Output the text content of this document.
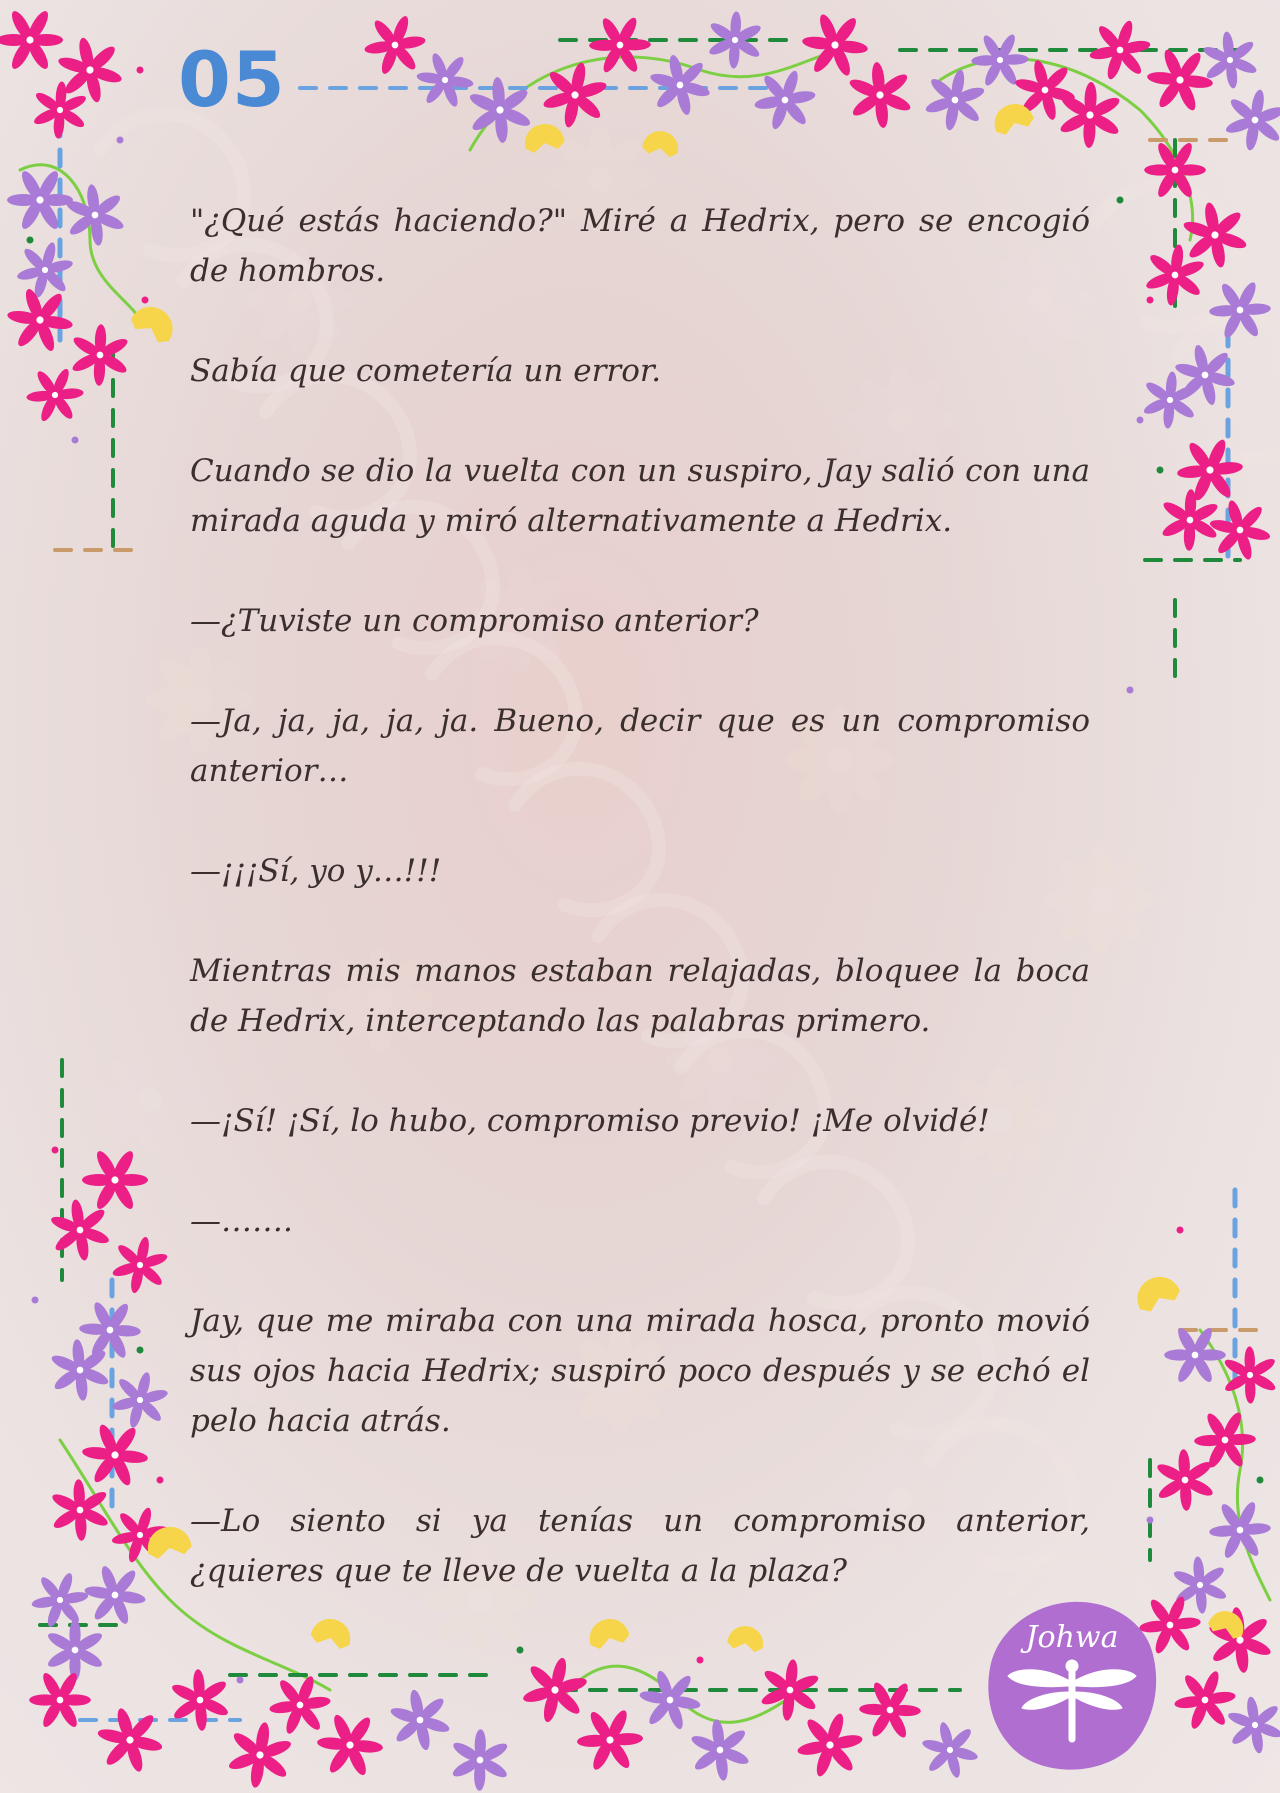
05

"¿Qué estás haciendo?" Miré a Hedrix, pero se encogió de hombros.

Sabía que cometería un error.

Cuando se dio la vuelta con un suspiro, Jay salió con una mirada aguda y miró alternativamente a Hedrix.

—¿Tuviste un compromiso anterior?

—Ja, ja, ja, ja, ja. Bueno, decir que es un compromiso anterior…

—¡¡¡Sí, yo y…!!!

Mientras mis manos estaban relajadas, bloquee la boca de Hedrix, interceptando las palabras primero.

—¡Sí! ¡Sí, lo hubo, compromiso previo! ¡Me olvidé!

—…….

Jay, que me miraba con una mirada hosca, pronto movió sus ojos hacia Hedrix; suspiró poco después y se echó el pelo hacia atrás.

—Lo siento si ya tenías un compromiso anterior, ¿quieres que te lleve de vuelta a la plaza?

Johwa
